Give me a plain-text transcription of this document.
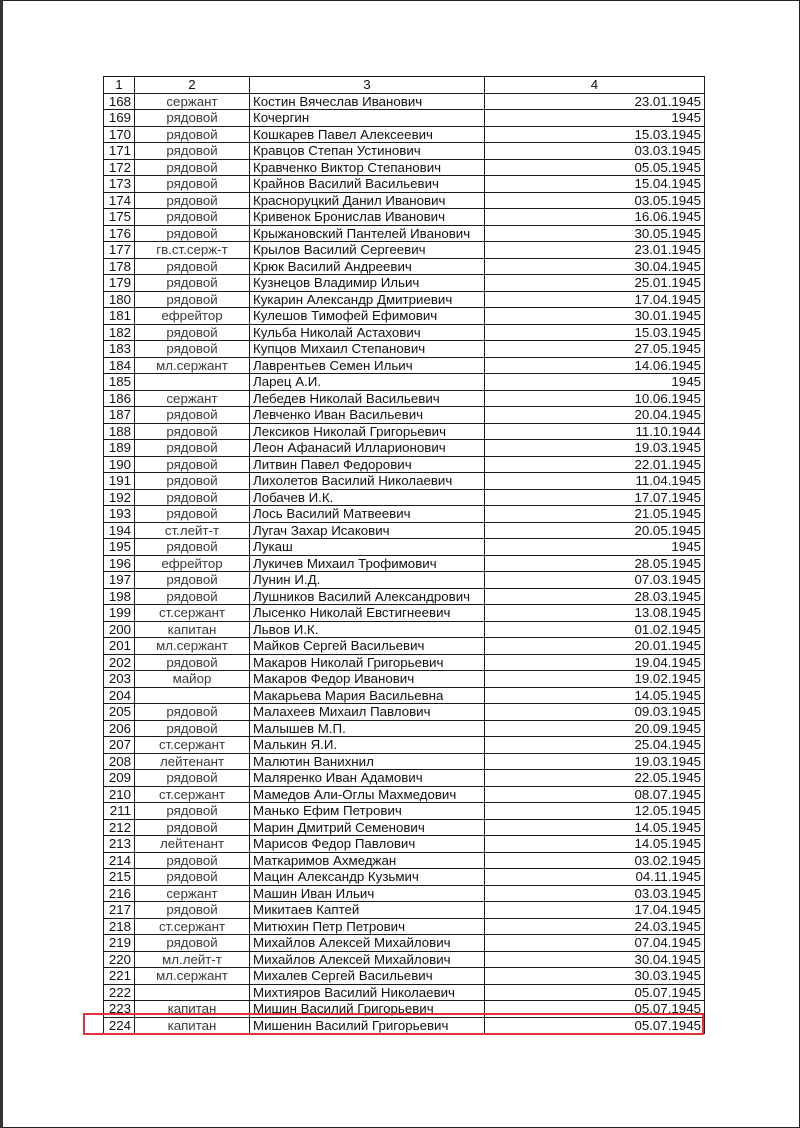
1	2	3	4
168	сержант	Костин Вячеслав Иванович	23.01.1945
169	рядовой	Кочергин	1945
170	рядовой	Кошкарев Павел Алексеевич	15.03.1945
171	рядовой	Кравцов Степан Устинович	03.03.1945
172	рядовой	Кравченко Виктор Степанович	05.05.1945
173	рядовой	Крайнов Василий Васильевич	15.04.1945
174	рядовой	Красноруцкий Данил Иванович	03.05.1945
175	рядовой	Кривенок Бронислав Иванович	16.06.1945
176	рядовой	Крыжановский Пантелей Иванович	30.05.1945
177	гв.ст.серж-т	Крылов Василий Сергеевич	23.01.1945
178	рядовой	Крюк Василий Андреевич	30.04.1945
179	рядовой	Кузнецов Владимир Ильич	25.01.1945
180	рядовой	Кукарин Александр Дмитриевич	17.04.1945
181	ефрейтор	Кулешов Тимофей Ефимович	30.01.1945
182	рядовой	Кульба Николай Астахович	15.03.1945
183	рядовой	Купцов Михаил Степанович	27.05.1945
184	мл.сержант	Лаврентьев Семен Ильич	14.06.1945
185		Ларец А.И.	1945
186	сержант	Лебедев Николай Васильевич	10.06.1945
187	рядовой	Левченко Иван Васильевич	20.04.1945
188	рядовой	Лексиков Николай Григорьевич	11.10.1944
189	рядовой	Леон Афанасий Илларионович	19.03.1945
190	рядовой	Литвин Павел Федорович	22.01.1945
191	рядовой	Лихолетов Василий Николаевич	11.04.1945
192	рядовой	Лобачев И.К.	17.07.1945
193	рядовой	Лось Василий Матвеевич	21.05.1945
194	ст.лейт-т	Лугач Захар Исакович	20.05.1945
195	рядовой	Лукаш	1945
196	ефрейтор	Лукичев Михаил Трофимович	28.05.1945
197	рядовой	Лунин И.Д.	07.03.1945
198	рядовой	Лушников Василий Александрович	28.03.1945
199	ст.сержант	Лысенко Николай Евстигнеевич	13.08.1945
200	капитан	Львов И.К.	01.02.1945
201	мл.сержант	Майков Сергей Васильевич	20.01.1945
202	рядовой	Макаров Николай Григорьевич	19.04.1945
203	майор	Макаров Федор Иванович	19.02.1945
204		Макарьева Мария Васильевна	14.05.1945
205	рядовой	Малахеев Михаил Павлович	09.03.1945
206	рядовой	Малышев М.П.	20.09.1945
207	ст.сержант	Малькин Я.И.	25.04.1945
208	лейтенант	Малютин Ванихнил	19.03.1945
209	рядовой	Маляренко Иван Адамович	22.05.1945
210	ст.сержант	Мамедов Али-Оглы Махмедович	08.07.1945
211	рядовой	Манько Ефим Петрович	12.05.1945
212	рядовой	Марин Дмитрий Семенович	14.05.1945
213	лейтенант	Марисов Федор Павлович	14.05.1945
214	рядовой	Маткаримов Ахмеджан	03.02.1945
215	рядовой	Мацин Александр Кузьмич	04.11.1945
216	сержант	Машин Иван Ильич	03.03.1945
217	рядовой	Микитаев Каптей	17.04.1945
218	ст.сержант	Митюхин Петр Петрович	24.03.1945
219	рядовой	Михайлов Алексей Михайлович	07.04.1945
220	мл.лейт-т	Михайлов Алексей Михайлович	30.04.1945
221	мл.сержант	Михалев Сергей Васильевич	30.03.1945
222		Михтияров Василий Николаевич	05.07.1945
223	капитан	Мишин Василий Григорьевич	05.07.1945
224	капитан	Мишенин Василий Григорьевич	05.07.1945
